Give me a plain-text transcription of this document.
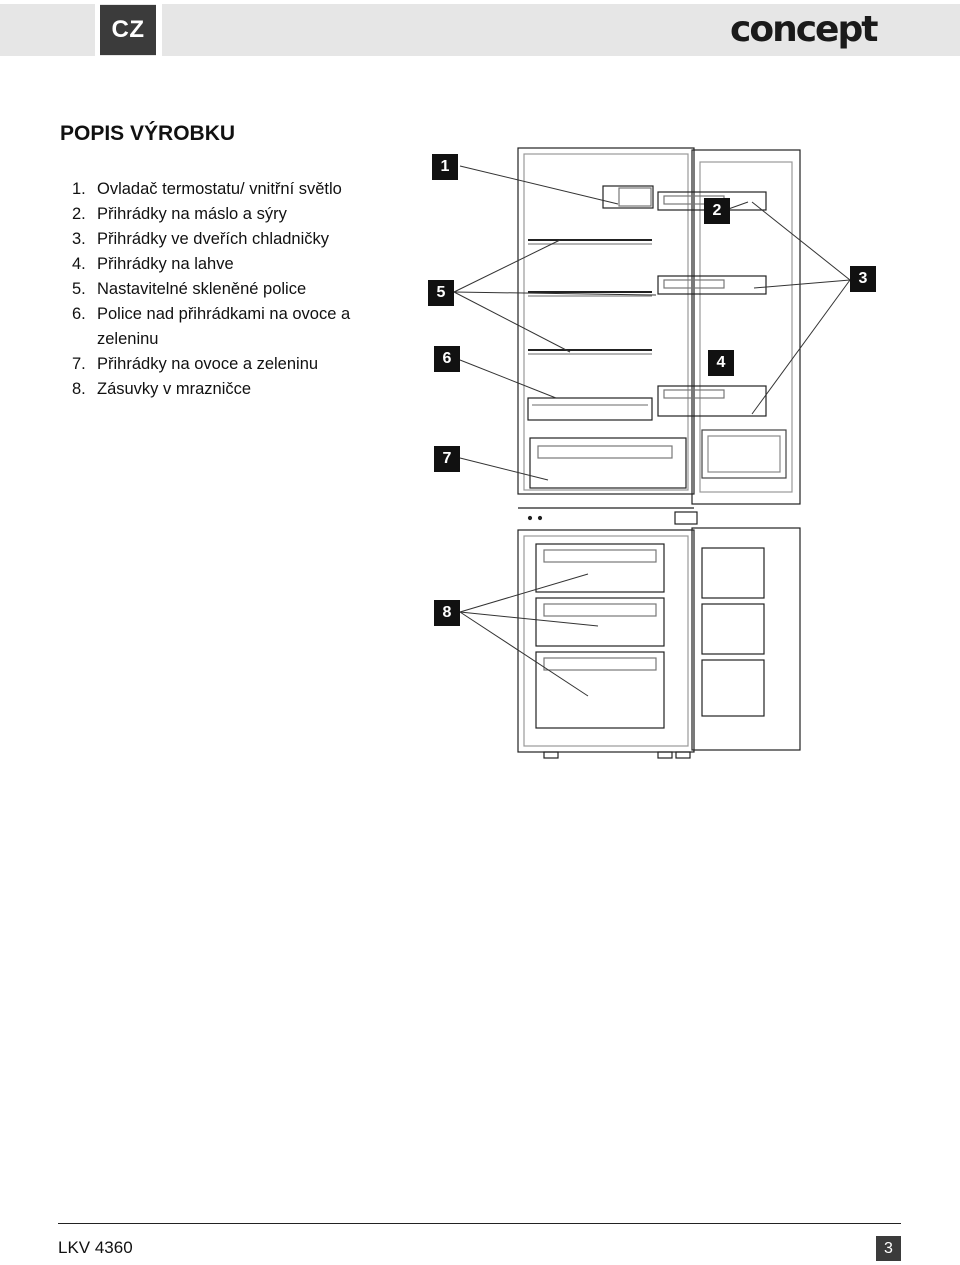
CZ	concept
POPIS VÝROBKU
1. Ovladač termostatu/ vnitřní světlo
2. Přihrádky na máslo a sýry
3. Přihrádky ve dveřích chladničky
4. Přihrádky na lahve
5. Nastavitelné skleněné police
6. Police nad přihrádkami na ovoce a zeleninu
7. Přihrádky na ovoce a zeleninu
8. Zásuvky v mrazničce
1
2
3
4
5
6
7
8
LKV 4360	3
